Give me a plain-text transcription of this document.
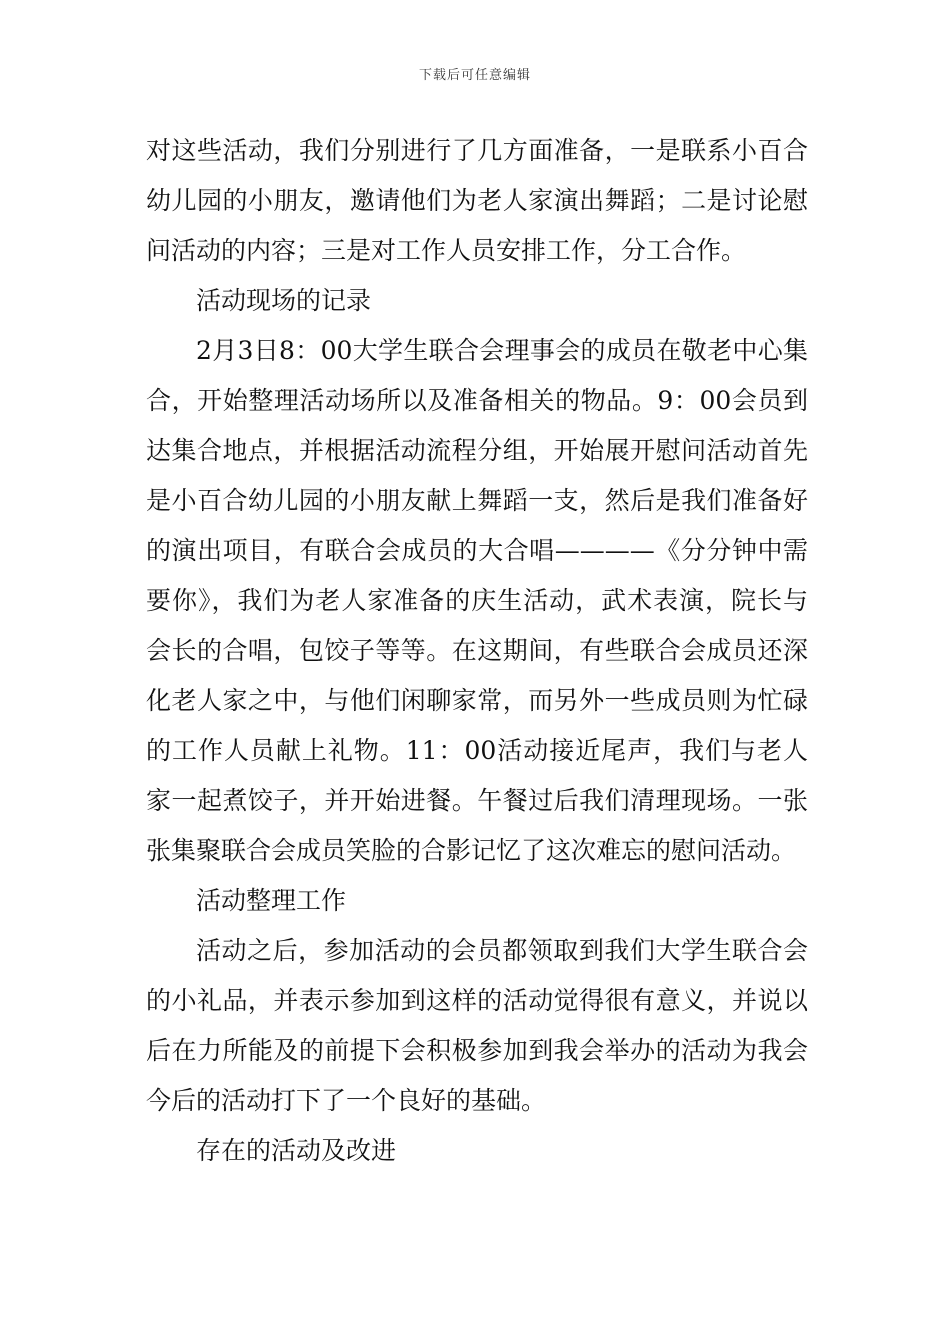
下载后可任意编辑

对这些活动，我们分别进行了几方面准备，一是联系小百合幼儿园的小朋友，邀请他们为老人家演出舞蹈；二是讨论慰问活动的内容；三是对工作人员安排工作，分工合作。

活动现场的记录

2月3日8：00大学生联合会理事会的成员在敬老中心集合，开始整理活动场所以及准备相关的物品。9：00会员到达集合地点，并根据活动流程分组，开始展开慰问活动首先是小百合幼儿园的小朋友献上舞蹈一支，然后是我们准备好的演出项目，有联合会成员的大合唱————《分分钟中需要你》，我们为老人家准备的庆生活动，武术表演，院长与会长的合唱，包饺子等等。在这期间，有些联合会成员还深化老人家之中，与他们闲聊家常，而另外一些成员则为忙碌的工作人员献上礼物。11：00活动接近尾声，我们与老人家一起煮饺子，并开始进餐。午餐过后我们清理现场。一张张集聚联合会成员笑脸的合影记忆了这次难忘的慰问活动。

活动整理工作

活动之后，参加活动的会员都领取到我们大学生联合会的小礼品，并表示参加到这样的活动觉得很有意义，并说以后在力所能及的前提下会积极参加到我会举办的活动为我会今后的活动打下了一个良好的基础。

存在的活动及改进
